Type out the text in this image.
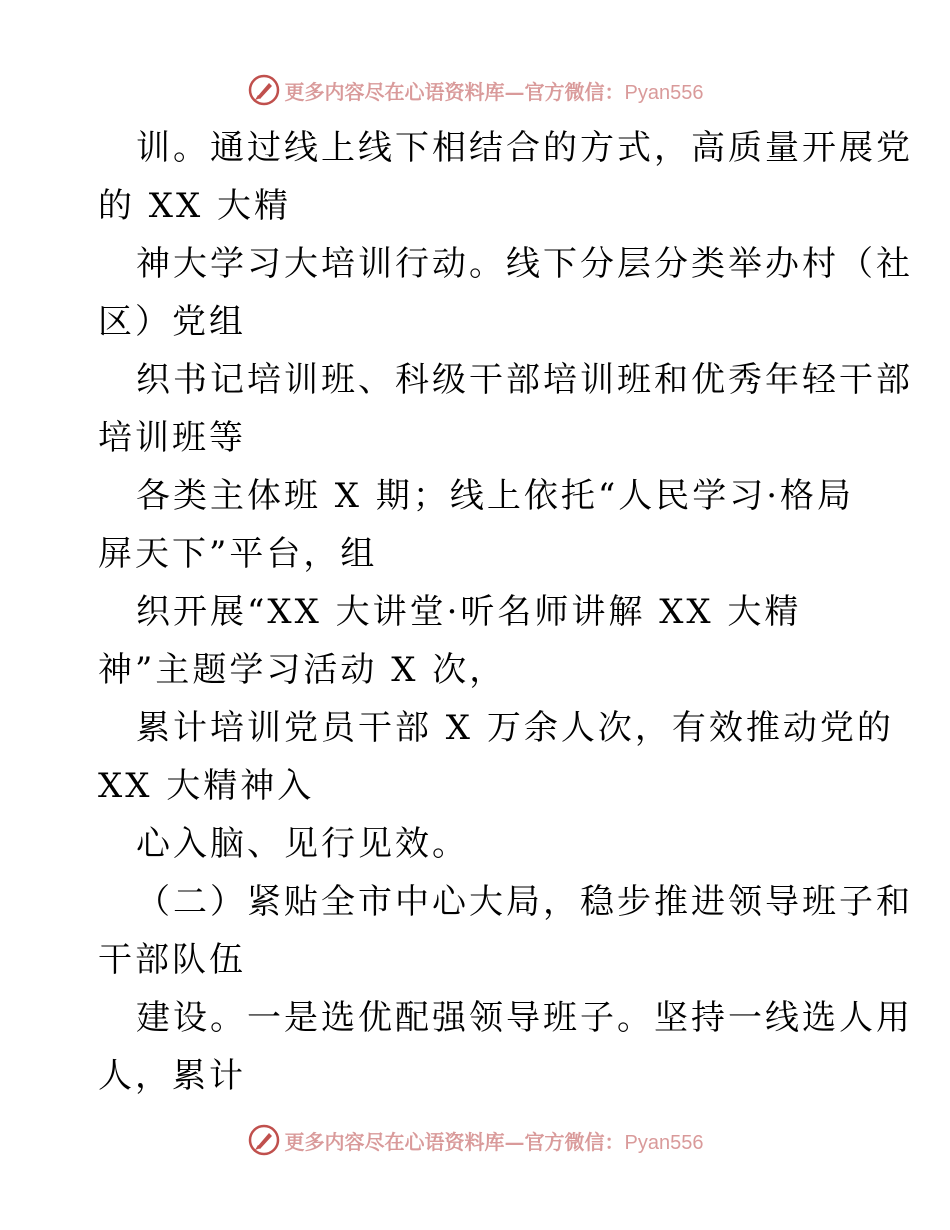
更多内容尽在心语资料库—官方微信：Pyan556
训。通过线上线下相结合的方式，高质量开展党
的 XX 大精
神大学习大培训行动。线下分层分类举办村（社
区）党组
织书记培训班、科级干部培训班和优秀年轻干部
培训班等
各类主体班 X 期；线上依托“人民学习·格局
屏天下”平台，组
织开展“XX 大讲堂·听名师讲解 XX 大精
神”主题学习活动 X 次，
累计培训党员干部 X 万余人次，有效推动党的
XX 大精神入
心入脑、见行见效。
（二）紧贴全市中心大局，稳步推进领导班子和
干部队伍
建设。一是选优配强领导班子。坚持一线选人用
人，累计
更多内容尽在心语资料库—官方微信：Pyan556
